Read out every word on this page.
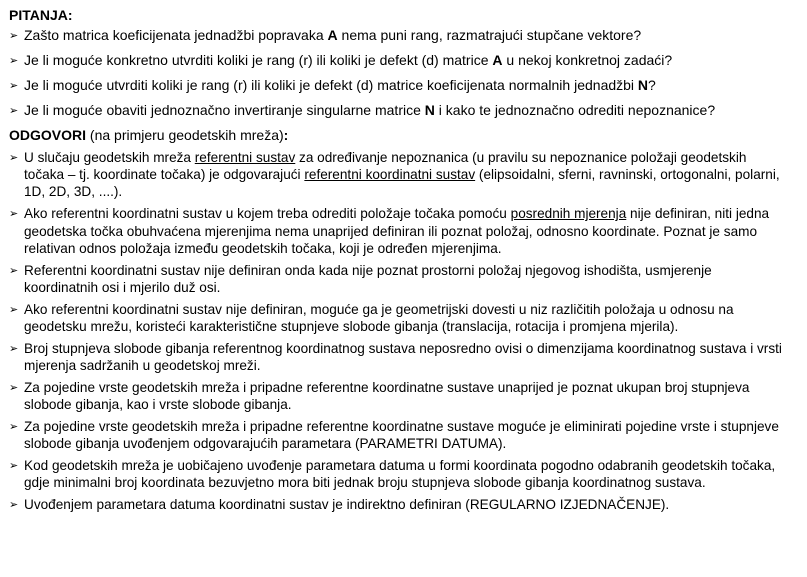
PITANJA:
➢ Zašto matrica koeficijenata jednadžbi popravaka A nema puni rang, razmatrajući stupčane vektore?
➢ Je li moguće konkretno utvrditi koliki je rang (r) ili koliki je defekt (d) matrice A u nekoj konkretnoj zadaći?
➢ Je li moguće utvrditi koliki je rang (r) ili koliki je defekt (d) matrice koeficijenata normalnih jednadžbi N?
➢ Je li moguće obaviti jednoznačno invertiranje singularne matrice N i kako te jednoznačno odrediti nepoznanice?
ODGOVORI (na primjeru geodetskih mreža):
➢ U slučaju geodetskih mreža referentni sustav za određivanje nepoznanica (u pravilu su nepoznanice položaji geodetskih točaka – tj. koordinate točaka) je odgovarajući referentni koordinatni sustav (elipsoidalni, sferni, ravninski, ortogonalni, polarni, 1D, 2D, 3D, ....).
➢ Ako referentni koordinatni sustav u kojem treba odrediti položaje točaka pomoću posrednih mjerenja nije definiran, niti jedna geodetska točka obuhvaćena mjerenjima nema unaprijed definiran ili poznat položaj, odnosno koordinate. Poznat je samo relativan odnos položaja između geodetskih točaka, koji je određen mjerenjima.
➢ Referentni koordinatni sustav nije definiran onda kada nije poznat prostorni položaj njegovog ishodišta, usmjerenje koordinatnih osi i mjerilo duž osi.
➢ Ako referentni koordinatni sustav nije definiran, moguće ga je geometrijski dovesti u niz različitih položaja u odnosu na geodetsku mrežu, koristeći karakteristične stupnjeve slobode gibanja (translacija, rotacija i promjena mjerila).
➢ Broj stupnjeva slobode gibanja referentnog koordinatnog sustava neposredno ovisi o dimenzijama koordinatnog sustava i vrsti mjerenja sadržanih u geodetskoj mreži.
➢ Za pojedine vrste geodetskih mreža i pripadne referentne koordinatne sustave unaprijed je poznat ukupan broj stupnjeva slobode gibanja, kao i vrste slobode gibanja.
➢ Za pojedine vrste geodetskih mreža i pripadne referentne koordinatne sustave moguće je eliminirati pojedine vrste i stupnjeve slobode gibanja uvođenjem odgovarajućih parametara (PARAMETRI DATUMA).
➢ Kod geodetskih mreža je uobičajeno uvođenje parametara datuma u formi koordinata pogodno odabranih geodetskih točaka, gdje minimalni broj koordinata bezuvjetno mora biti jednak broju stupnjeva slobode gibanja koordinatnog sustava.
➢ Uvođenjem parametara datuma koordinatni sustav je indirektno definiran (REGULARNO IZJEDNAČENJE).
